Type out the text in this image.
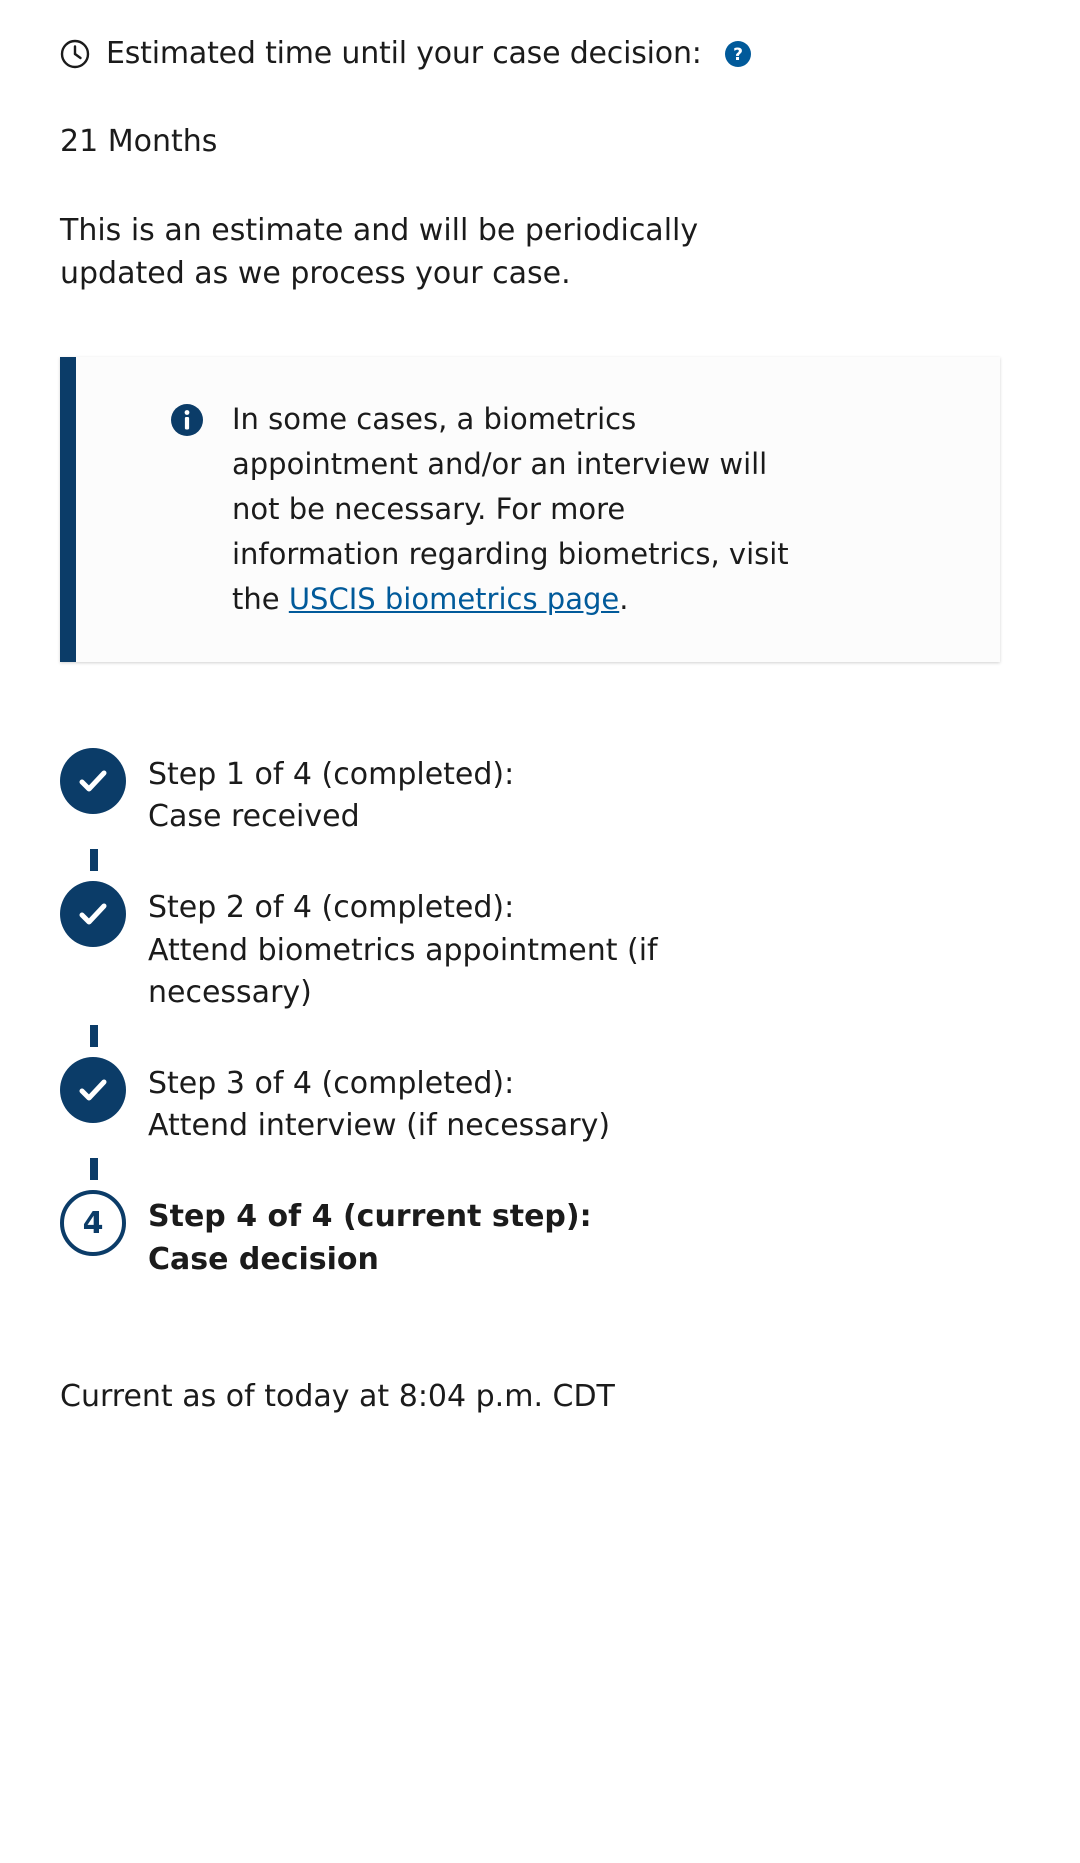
Estimated time until your case decision: ?
21 Months
This is an estimate and will be periodically updated as we process your case.
In some cases, a biometrics appointment and/or an interview will not be necessary. For more information regarding biometrics, visit the USCIS biometrics page.
Step 1 of 4 (completed):
Case received
Step 2 of 4 (completed):
Attend biometrics appointment (if necessary)
Step 3 of 4 (completed):
Attend interview (if necessary)
4	Step 4 of 4 (current step):
Case decision
Current as of today at 8:04 p.m. CDT
